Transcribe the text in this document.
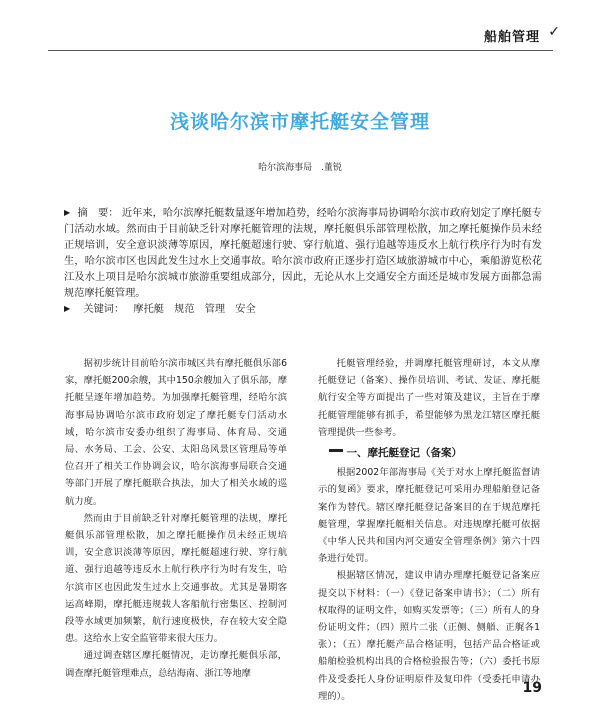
船舶管理 ✓
浅谈哈尔滨市摩托艇安全管理
哈尔滨海事局　.董锐

▶ 摘　要： 近年来，哈尔滨摩托艇数量逐年增加趋势，经哈尔滨海事局协调哈尔滨市政府划定了摩托艇专门活动水域。然而由于目前缺乏针对摩托艇管理的法规，摩托艇俱乐部管理松散，加之摩托艇操作员未经正规培训，安全意识淡薄等原因，摩托艇超速行驶、穿行航道、强行追越等违反水上航行秩序行为时有发生，哈尔滨市区也因此发生过水上交通事故。哈尔滨市政府正逐步打造区域旅游城市中心，乘船游览松花江及水上项目是哈尔滨城市旅游重要组成部分，因此，无论从水上交通安全方面还是城市发展方面都急需规范摩托艇管理。

▶ 关键词： 摩托艇　规范　管理　安全

据初步统计目前哈尔滨市城区共有摩托艇俱乐部6家，摩托艇200余艘，其中150余艘加入了俱乐部，摩托艇呈逐年增加趋势。为加强摩托艇管理，经哈尔滨海事局协调哈尔滨市政府划定了摩托艇专门活动水域，哈尔滨市安委办组织了海事局、体育局、交通局、水务局、工会、公安、太阳岛风景区管理局等单位召开了相关工作协调会议，哈尔滨海事局联合交通等部门开展了摩托艇联合执法，加大了相关水域的巡航力度。

然而由于目前缺乏针对摩托艇管理的法规，摩托艇俱乐部管理松散，加之摩托艇操作员未经正规培训，安全意识淡薄等原因，摩托艇超速行驶、穿行航道、强行追越等违反水上航行秩序行为时有发生，哈尔滨市区也因此发生过水上交通事故。尤其是暑期客运高峰期，摩托艇违规载人客船航行密集区、控制河段等水域更加频繁，航行速度极快，存在较大安全隐患。这给水上安全监管带来很大压力。

通过调查辖区摩托艇情况，走访摩托艇俱乐部，调查摩托艇管理难点，总结海南、浙江等地摩

托艇管理经验，并调摩托艇管理研讨，本文从摩托艇登记（备案）、操作员培训、考试、发证、摩托艇航行安全等方面提出了一些对策及建议，主旨在于摩托艇管理能够有抓手，希望能够为黑龙江辖区摩托艇管理提供一些参考。

一、摩托艇登记（备案）

根据2002年部海事局《关于对水上摩托艇监督请示的复函》要求，摩托艇登记可采用办理船舶登记备案作为替代。辖区摩托艇登记备案目的在于规范摩托艇管理，掌握摩托艇相关信息。对违规摩托艇可依据《中华人民共和国内河交通安全管理条例》第六十四条进行处罚。

根据辖区情况，建议申请办理摩托艇登记备案应提交以下材料：（一）《登记备案申请书》；（二）所有权取得的证明文件，如购买发票等；（三）所有人的身份证明文件；（四）照片二张（正侧、侧艏、正艉各1张）；（五）摩托艇产品合格证明，包括产品合格证或船舶检验机构出具的合格检验报告等；（六）委托书原件及受委托人身份证明原件及复印件（受委托申请办理的）。

19
